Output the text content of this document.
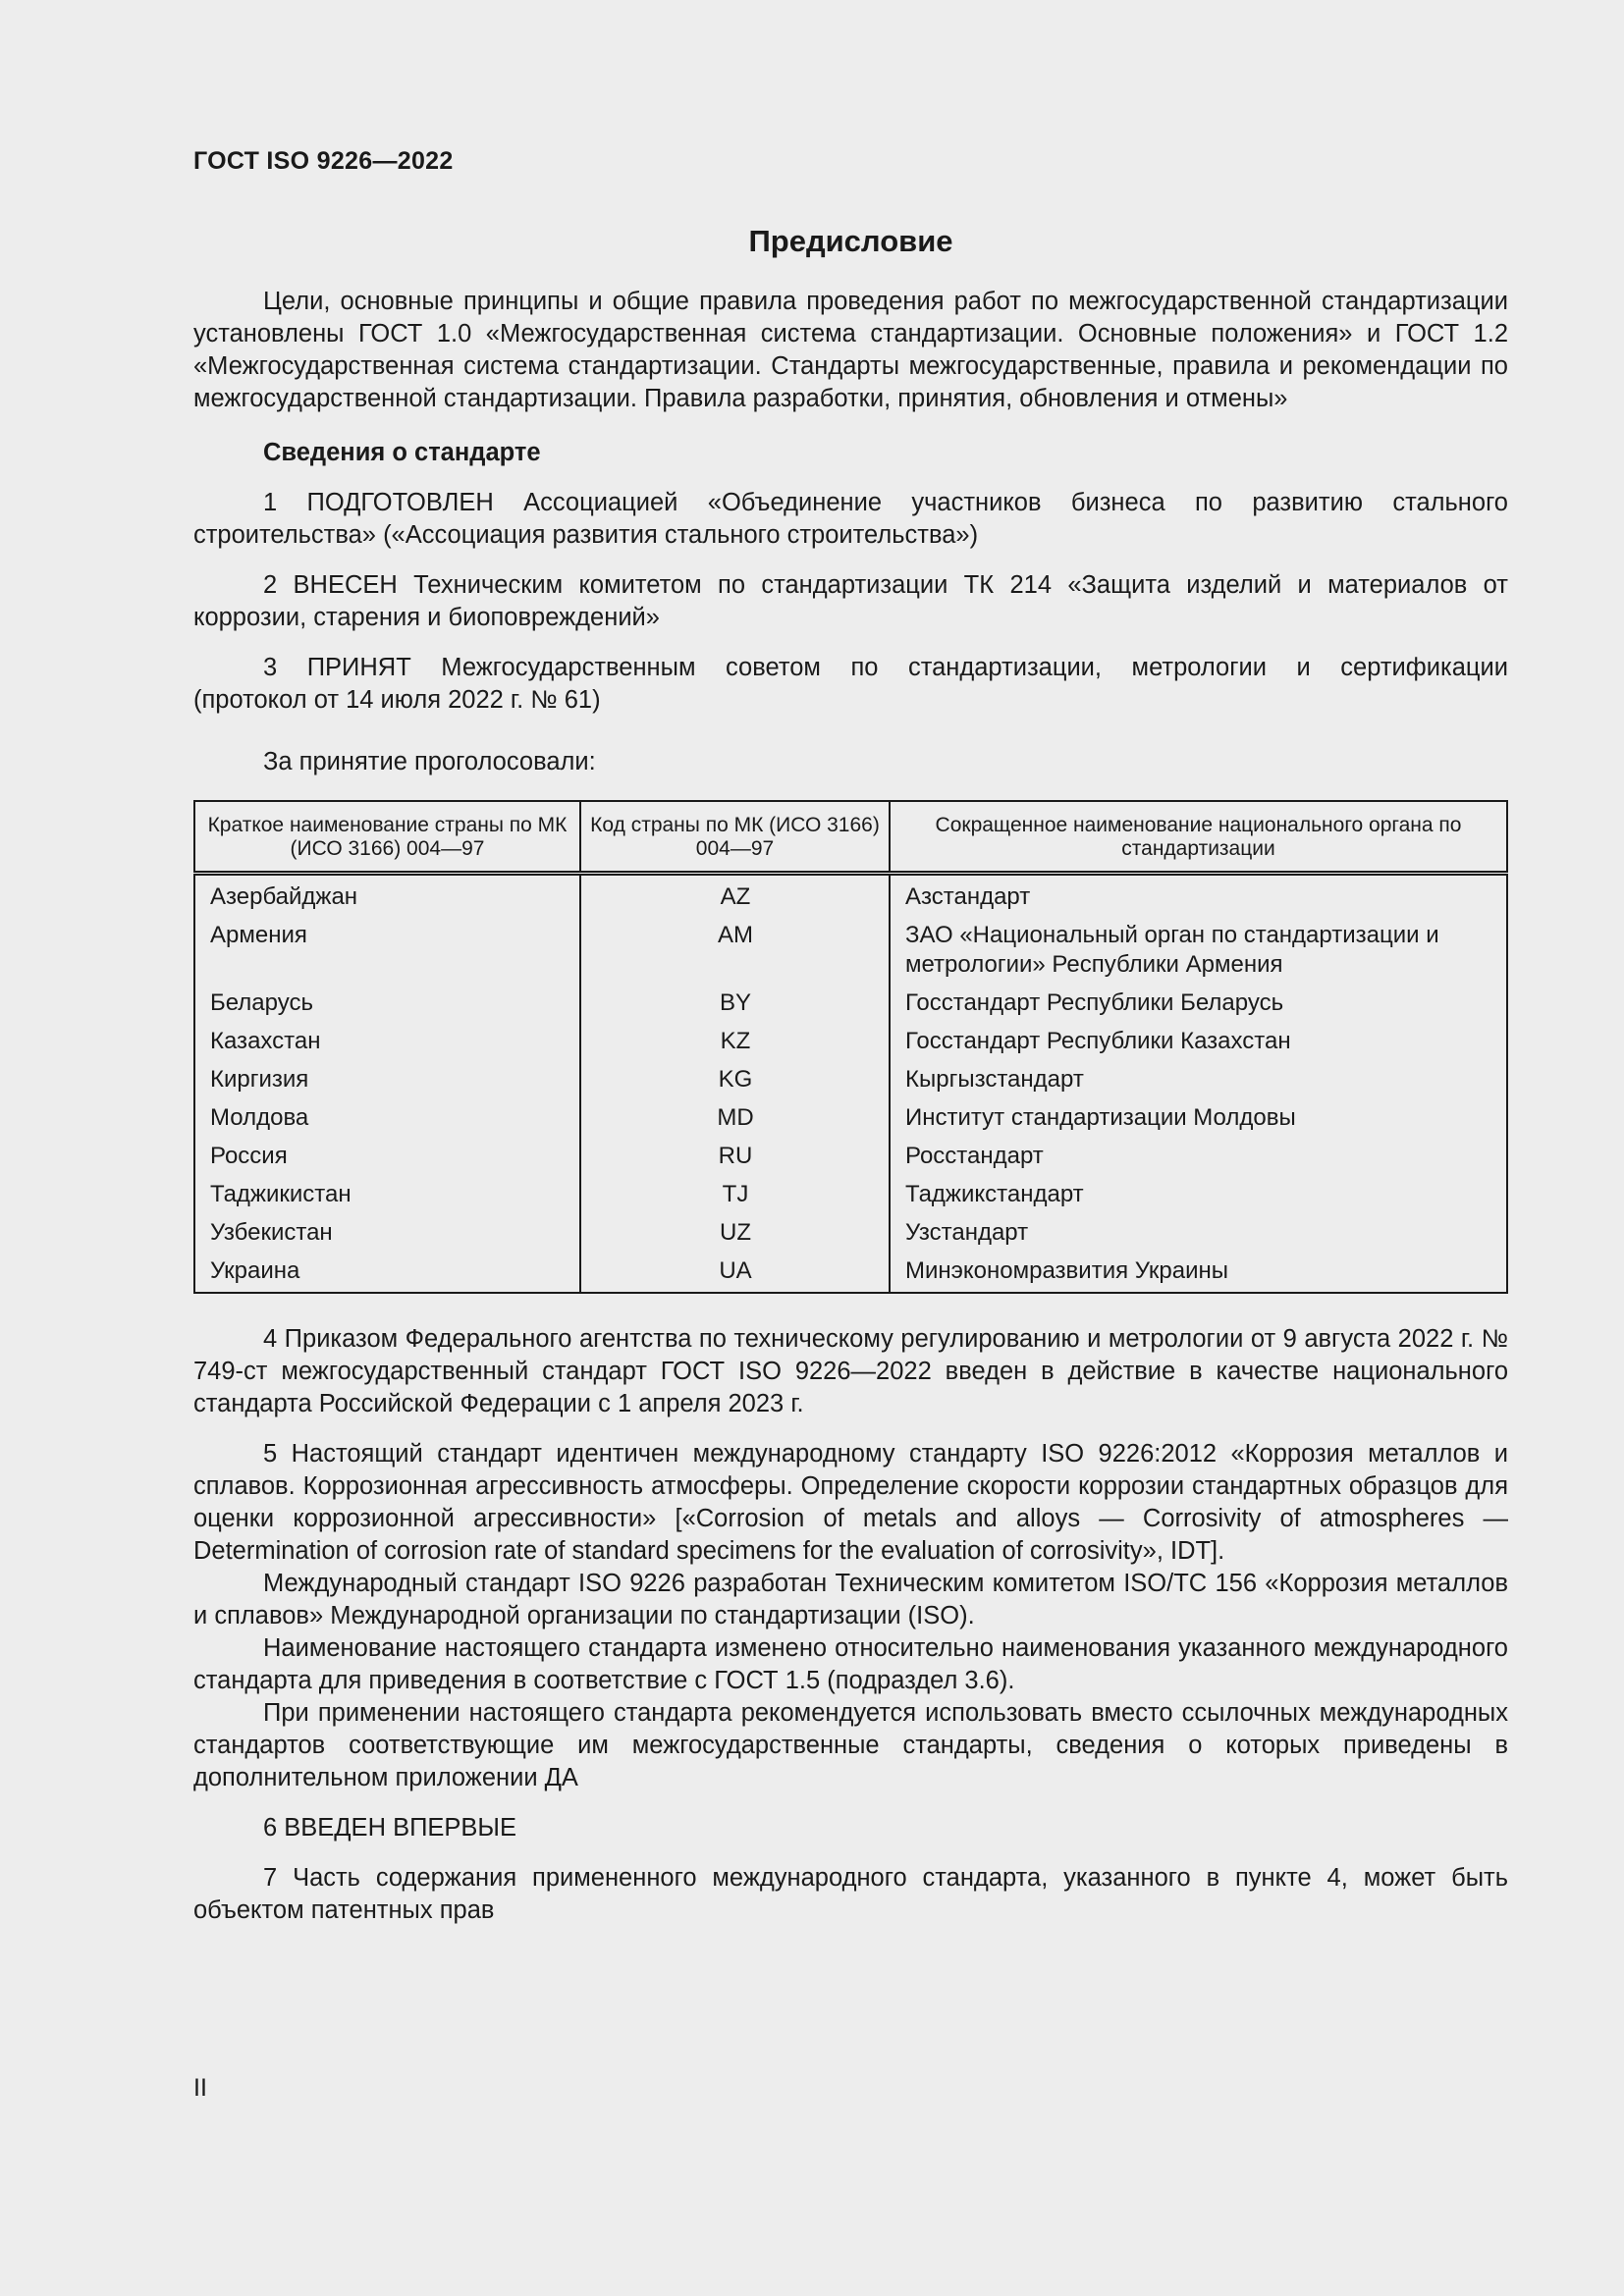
ГОСТ ISO 9226—2022
Предисловие

Цели, основные принципы и общие правила проведения работ по межгосударственной стандартизации установлены ГОСТ 1.0 «Межгосударственная система стандартизации. Основные положения» и ГОСТ 1.2 «Межгосударственная система стандартизации. Стандарты межгосударственные, правила и рекомендации по межгосударственной стандартизации. Правила разработки, принятия, обновления и отмены»

Сведения о стандарте

1 ПОДГОТОВЛЕН Ассоциацией «Объединение участников бизнеса по развитию стального строительства» («Ассоциация развития стального строительства»)

2 ВНЕСЕН Техническим комитетом по стандартизации ТК 214 «Защита изделий и материалов от коррозии, старения и биоповреждений»

3 ПРИНЯТ Межгосударственным советом по стандартизации, метрологии и сертификации

(протокол от 14 июля 2022 г. № 61)

За принятие проголосовали:

Краткое наименование страны по МК (ИСО 3166) 004—97	Код страны по МК (ИСО 3166) 004—97	Сокращенное наименование национального органа по стандартизации
Азербайджан	AZ	Азстандарт
Армения	AM	ЗАО «Национальный орган по стандартизации и метрологии» Республики Армения
Беларусь	BY	Госстандарт Республики Беларусь
Казахстан	KZ	Госстандарт Республики Казахстан
Киргизия	KG	Кыргызстандарт
Молдова	MD	Институт стандартизации Молдовы
Россия	RU	Росстандарт
Таджикистан	TJ	Таджикстандарт
Узбекистан	UZ	Узстандарт
Украина	UA	Минэкономразвития Украины

4 Приказом Федерального агентства по техническому регулированию и метрологии от 9 августа 2022 г. № 749-ст межгосударственный стандарт ГОСТ ISO 9226—2022 введен в действие в качестве национального стандарта Российской Федерации с 1 апреля 2023 г.

5 Настоящий стандарт идентичен международному стандарту ISO 9226:2012 «Коррозия металлов и сплавов. Коррозионная агрессивность атмосферы. Определение скорости коррозии стандартных образцов для оценки коррозионной агрессивности» [«Corrosion of metals and alloys — Corrosivity of atmospheres — Determination of corrosion rate of standard specimens for the evaluation of corrosivity», IDT].

Международный стандарт ISO 9226 разработан Техническим комитетом ISO/TC 156 «Коррозия металлов и сплавов» Международной организации по стандартизации (ISO).

Наименование настоящего стандарта изменено относительно наименования указанного международного стандарта для приведения в соответствие с ГОСТ 1.5 (подраздел 3.6).

При применении настоящего стандарта рекомендуется использовать вместо ссылочных международных стандартов соответствующие им межгосударственные стандарты, сведения о которых приведены в дополнительном приложении ДА

6 ВВЕДЕН ВПЕРВЫЕ

7 Часть содержания примененного международного стандарта, указанного в пункте 4, может быть объектом патентных прав

II
